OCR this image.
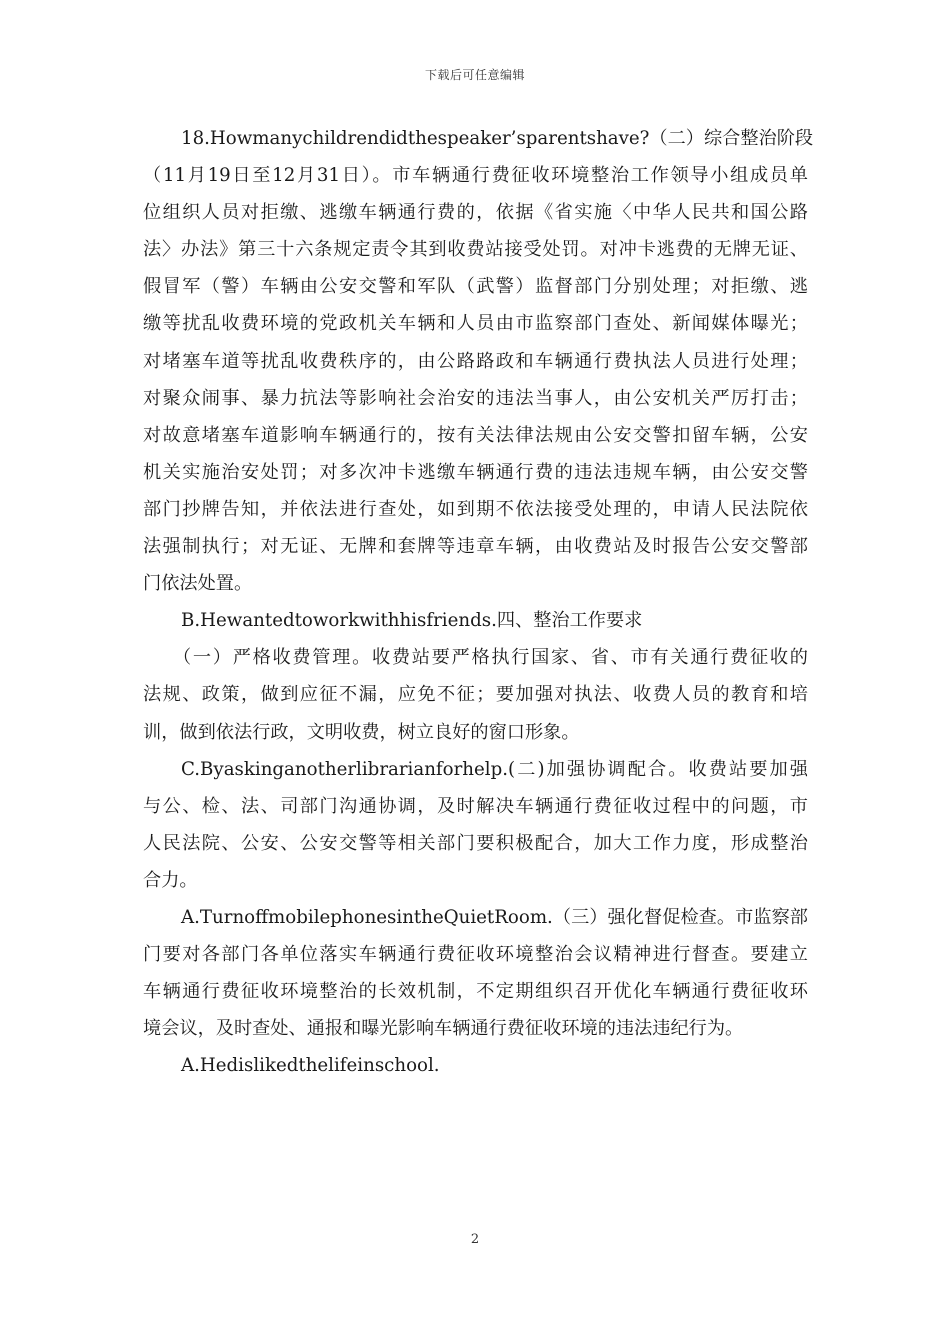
下载后可任意编辑
18.Howmanychildrendidthespeaker’sparentshave?（二）综合整治阶段
（11月19日至12月31日）。市车辆通行费征收环境整治工作领导小组成员单
位组织人员对拒缴、逃缴车辆通行费的，依据《省实施〈中华人民共和国公路
法〉办法》第三十六条规定责令其到收费站接受处罚。对冲卡逃费的无牌无证、
假冒军（警）车辆由公安交警和军队（武警）监督部门分别处理；对拒缴、逃
缴等扰乱收费环境的党政机关车辆和人员由市监察部门查处、新闻媒体曝光；
对堵塞车道等扰乱收费秩序的，由公路路政和车辆通行费执法人员进行处理；
对聚众闹事、暴力抗法等影响社会治安的违法当事人，由公安机关严厉打击；
对故意堵塞车道影响车辆通行的，按有关法律法规由公安交警扣留车辆，公安
机关实施治安处罚；对多次冲卡逃缴车辆通行费的违法违规车辆，由公安交警
部门抄牌告知，并依法进行查处，如到期不依法接受处理的，申请人民法院依
法强制执行；对无证、无牌和套牌等违章车辆，由收费站及时报告公安交警部
门依法处置。
B.Hewantedtoworkwithhisfriends.四、整治工作要求
（一）严格收费管理。收费站要严格执行国家、省、市有关通行费征收的
法规、政策，做到应征不漏，应免不征；要加强对执法、收费人员的教育和培
训，做到依法行政，文明收费，树立良好的窗口形象。
C.Byaskinganotherlibrarianforhelp.(二)加强协调配合。收费站要加强
与公、检、法、司部门沟通协调，及时解决车辆通行费征收过程中的问题，市
人民法院、公安、公安交警等相关部门要积极配合，加大工作力度，形成整治
合力。
A.TurnoffmobilephonesintheQuietRoom.（三）强化督促检查。市监察部
门要对各部门各单位落实车辆通行费征收环境整治会议精神进行督查。要建立
车辆通行费征收环境整治的长效机制，不定期组织召开优化车辆通行费征收环
境会议，及时查处、通报和曝光影响车辆通行费征收环境的违法违纪行为。
A.Hedislikedthelifeinschool.
2
